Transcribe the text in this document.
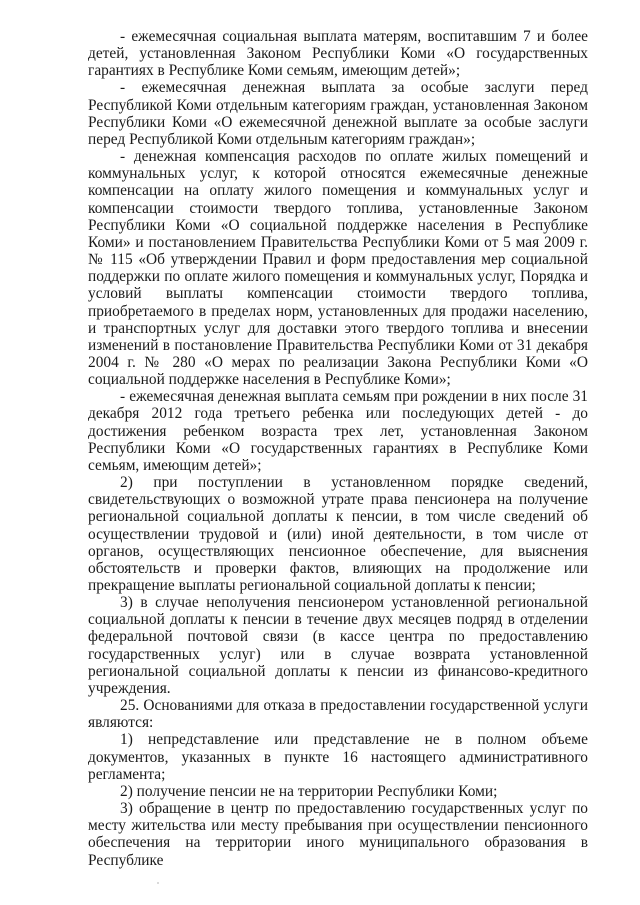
- ежемесячная социальная выплата матерям, воспитавшим 7 и более детей, установленная Законом Республики Коми «О государственных гарантиях в Республике Коми семьям, имеющим детей»;

- ежемесячная денежная выплата за особые заслуги перед Республикой Коми отдельным категориям граждан, установленная Законом Республики Коми «О ежемесячной денежной выплате за особые заслуги перед Республикой Коми отдельным категориям граждан»;

- денежная компенсация расходов по оплате жилых помещений и коммунальных услуг, к которой относятся ежемесячные денежные компенсации на оплату жилого помещения и коммунальных услуг и компенсации стоимости твердого топлива, установленные Законом Республики Коми «О социальной поддержке населения в Республике Коми» и постановлением Правительства Республики Коми от 5 мая 2009 г. № 115 «Об утверждении Правил и форм предоставления мер социальной поддержки по оплате жилого помещения и коммунальных услуг, Порядка и условий выплаты компенсации стоимости твердого топлива, приобретаемого в пределах норм, установленных для продажи населению, и транспортных услуг для доставки этого твердого топлива и внесении изменений в постановление Правительства Республики Коми от 31 декабря 2004 г. № 280 «О мерах по реализации Закона Республики Коми «О социальной поддержке населения в Республике Коми»;

- ежемесячная денежная выплата семьям при рождении в них после 31 декабря 2012 года третьего ребенка или последующих детей - до достижения ребенком возраста трех лет, установленная Законом Республики Коми «О государственных гарантиях в Республике Коми семьям, имеющим детей»;

2) при поступлении в установленном порядке сведений, свидетельствующих о возможной утрате права пенсионера на получение региональной социальной доплаты к пенсии, в том числе сведений об осуществлении трудовой и (или) иной деятельности, в том числе от органов, осуществляющих пенсионное обеспечение, для выяснения обстоятельств и проверки фактов, влияющих на продолжение или прекращение выплаты региональной социальной доплаты к пенсии;

3) в случае неполучения пенсионером установленной региональной социальной доплаты к пенсии в течение двух месяцев подряд в отделении федеральной почтовой связи (в кассе центра по предоставлению государственных услуг) или в случае возврата установленной региональной социальной доплаты к пенсии из финансово-кредитного учреждения.

25. Основаниями для отказа в предоставлении государственной услуги являются:

1) непредставление или представление не в полном объеме документов, указанных в пункте 16 настоящего административного регламента;

2) получение пенсии не на территории Республики Коми;

3) обращение в центр по предоставлению государственных услуг по месту жительства или месту пребывания при осуществлении пенсионного обеспечения на территории иного муниципального образования в Республике
